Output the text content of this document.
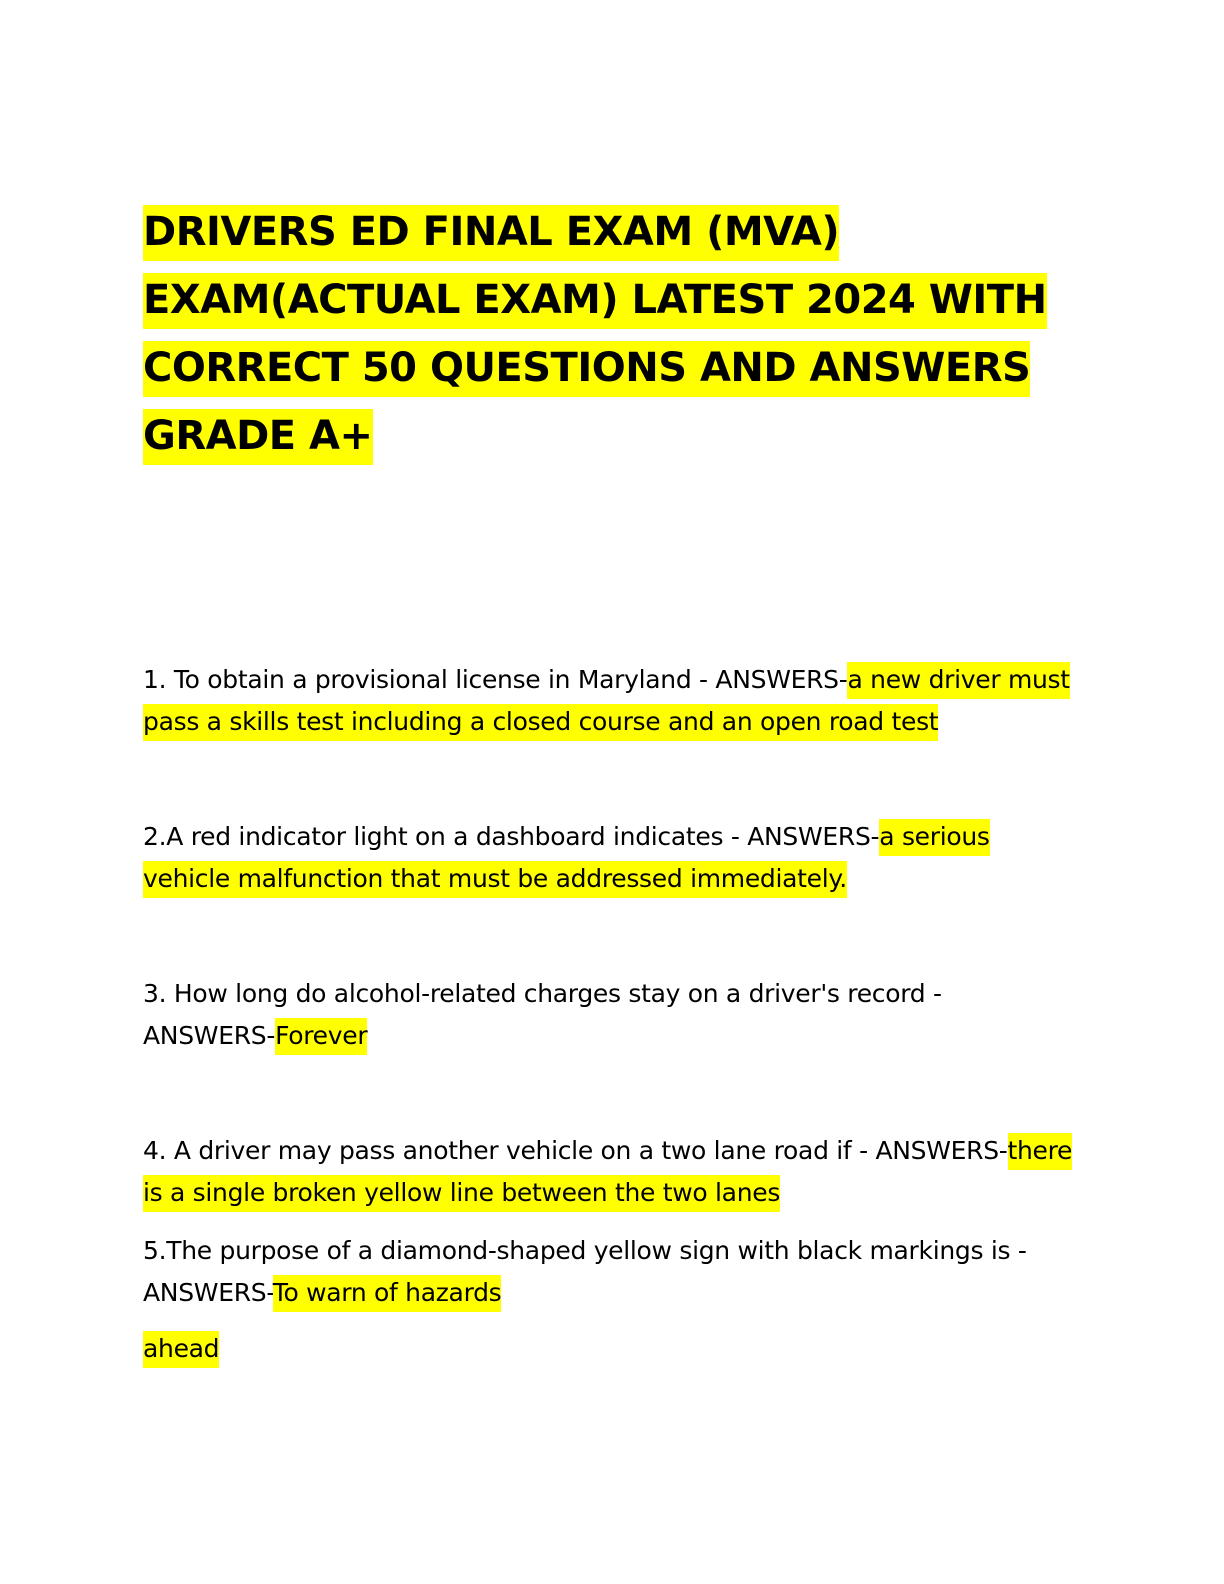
DRIVERS ED FINAL EXAM (MVA) EXAM(ACTUAL EXAM) LATEST 2024 WITH CORRECT 50 QUESTIONS AND ANSWERS GRADE A+

1. To obtain a provisional license in Maryland - ANSWERS-a new driver must pass a skills test including a closed course and an open road test

2.A red indicator light on a dashboard indicates - ANSWERS-a serious vehicle malfunction that must be addressed immediately.

3. How long do alcohol-related charges stay on a driver's record - ANSWERS-Forever

4. A driver may pass another vehicle on a two lane road if - ANSWERS-there is a single broken yellow line between the two lanes

5.The purpose of a diamond-shaped yellow sign with black markings is - ANSWERS-To warn of hazards

ahead
